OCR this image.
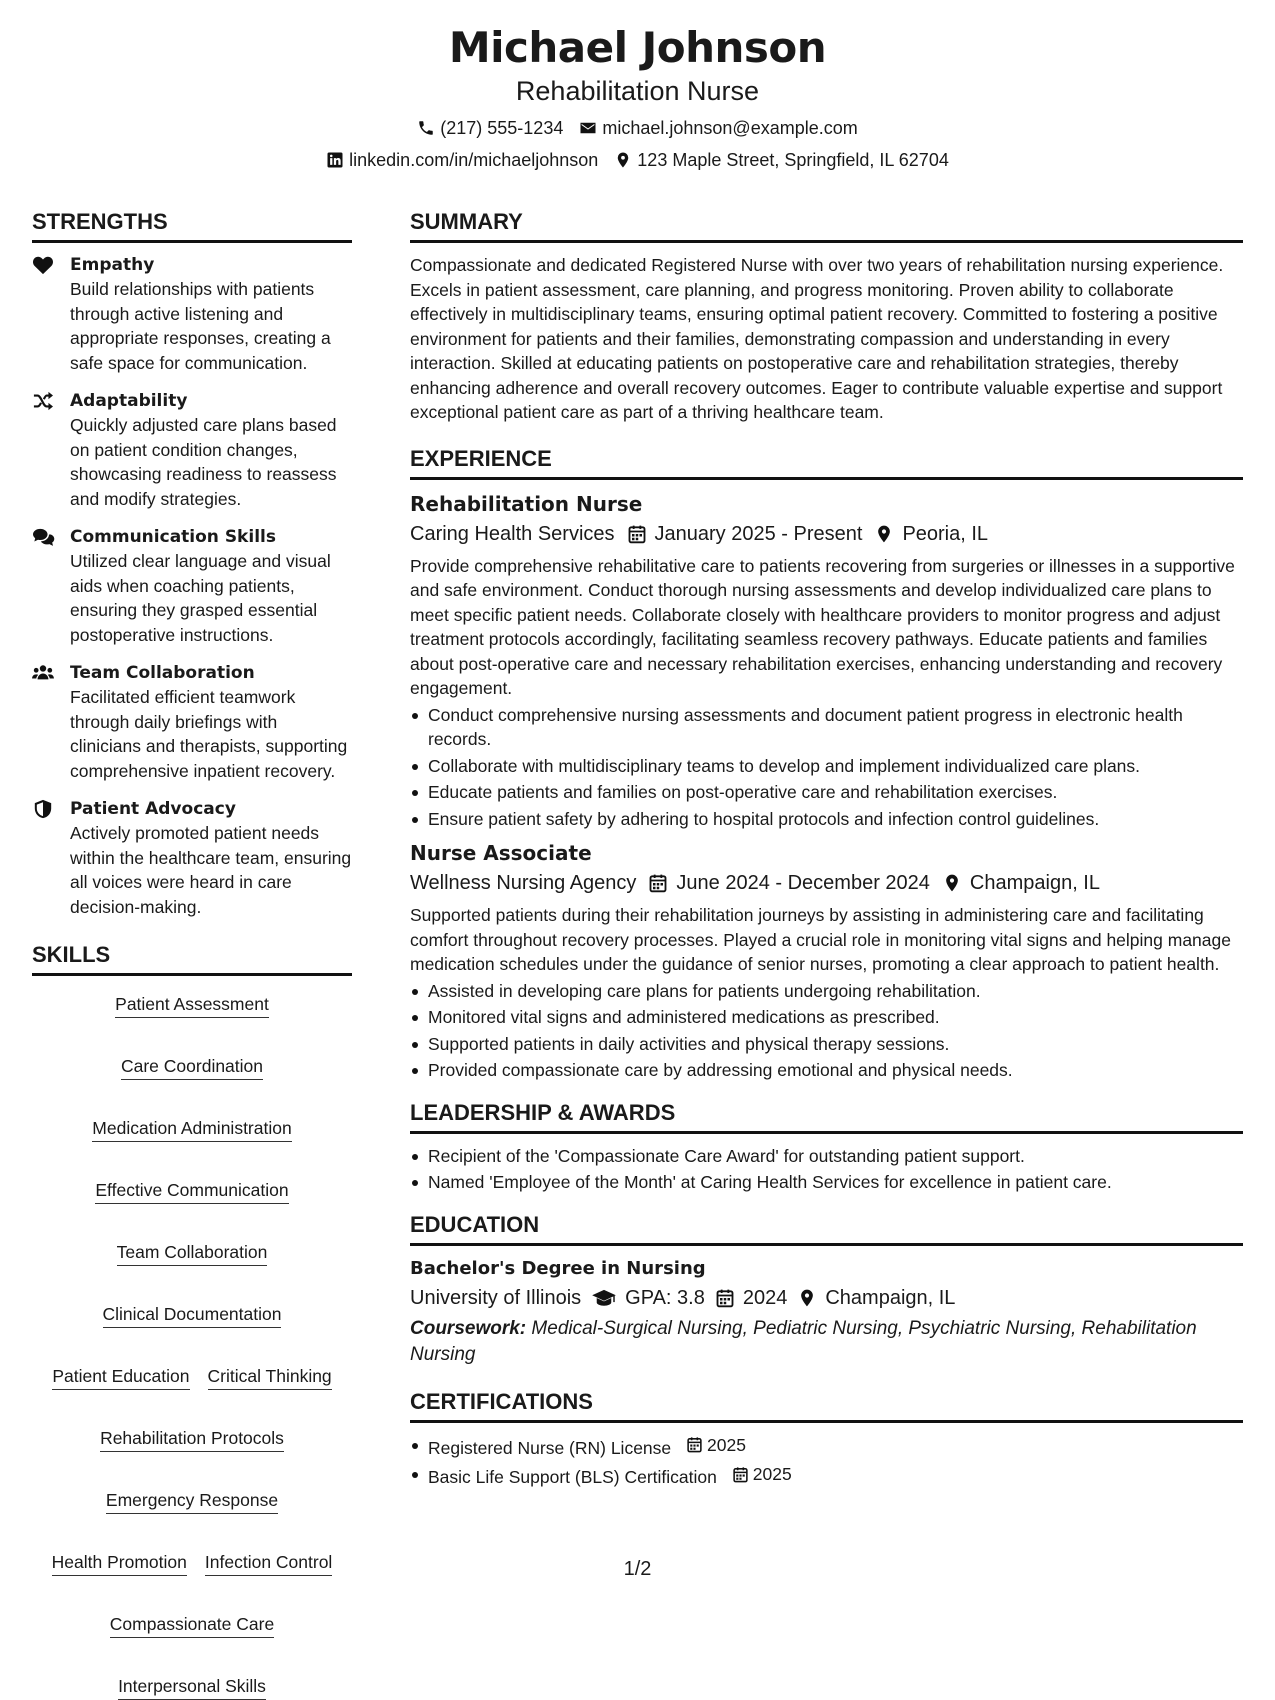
Michael Johnson
Rehabilitation Nurse
(217) 555-1234 michael.johnson@example.com
linkedin.com/in/michaeljohnson 123 Maple Street, Springfield, IL 62704
STRENGTHS
Empathy
Build relationships with patients through active listening and appropriate responses, creating a safe space for communication.
Adaptability
Quickly adjusted care plans based on patient condition changes, showcasing readiness to reassess and modify strategies.
Communication Skills
Utilized clear language and visual aids when coaching patients, ensuring they grasped essential postoperative instructions.
Team Collaboration
Facilitated efficient teamwork through daily briefings with clinicians and therapists, supporting comprehensive inpatient recovery.
Patient Advocacy
Actively promoted patient needs within the healthcare team, ensuring all voices were heard in care decision-making.
SKILLS
Patient Assessment
Care Coordination
Medication Administration
Effective Communication
Team Collaboration
Clinical Documentation
Patient Education Critical Thinking
Rehabilitation Protocols
Emergency Response
Health Promotion Infection Control
Compassionate Care
Interpersonal Skills
SUMMARY
Compassionate and dedicated Registered Nurse with over two years of rehabilitation nursing experience. Excels in patient assessment, care planning, and progress monitoring. Proven ability to collaborate effectively in multidisciplinary teams, ensuring optimal patient recovery. Committed to fostering a positive environment for patients and their families, demonstrating compassion and understanding in every interaction. Skilled at educating patients on postoperative care and rehabilitation strategies, thereby enhancing adherence and overall recovery outcomes. Eager to contribute valuable expertise and support exceptional patient care as part of a thriving healthcare team.
EXPERIENCE
Rehabilitation Nurse
Caring Health Services January 2025 - Present Peoria, IL
Provide comprehensive rehabilitative care to patients recovering from surgeries or illnesses in a supportive and safe environment. Conduct thorough nursing assessments and develop individualized care plans to meet specific patient needs. Collaborate closely with healthcare providers to monitor progress and adjust treatment protocols accordingly, facilitating seamless recovery pathways. Educate patients and families about post-operative care and necessary rehabilitation exercises, enhancing understanding and recovery engagement.
Conduct comprehensive nursing assessments and document patient progress in electronic health records.
Collaborate with multidisciplinary teams to develop and implement individualized care plans.
Educate patients and families on post-operative care and rehabilitation exercises.
Ensure patient safety by adhering to hospital protocols and infection control guidelines.
Nurse Associate
Wellness Nursing Agency June 2024 - December 2024 Champaign, IL
Supported patients during their rehabilitation journeys by assisting in administering care and facilitating comfort throughout recovery processes. Played a crucial role in monitoring vital signs and helping manage medication schedules under the guidance of senior nurses, promoting a clear approach to patient health.
Assisted in developing care plans for patients undergoing rehabilitation.
Monitored vital signs and administered medications as prescribed.
Supported patients in daily activities and physical therapy sessions.
Provided compassionate care by addressing emotional and physical needs.
LEADERSHIP & AWARDS
Recipient of the 'Compassionate Care Award' for outstanding patient support.
Named 'Employee of the Month' at Caring Health Services for excellence in patient care.
EDUCATION
Bachelor's Degree in Nursing
University of Illinois GPA: 3.8 2024 Champaign, IL
Coursework: Medical-Surgical Nursing, Pediatric Nursing, Psychiatric Nursing, Rehabilitation Nursing
CERTIFICATIONS
Registered Nurse (RN) License 2025
Basic Life Support (BLS) Certification 2025
1/2
